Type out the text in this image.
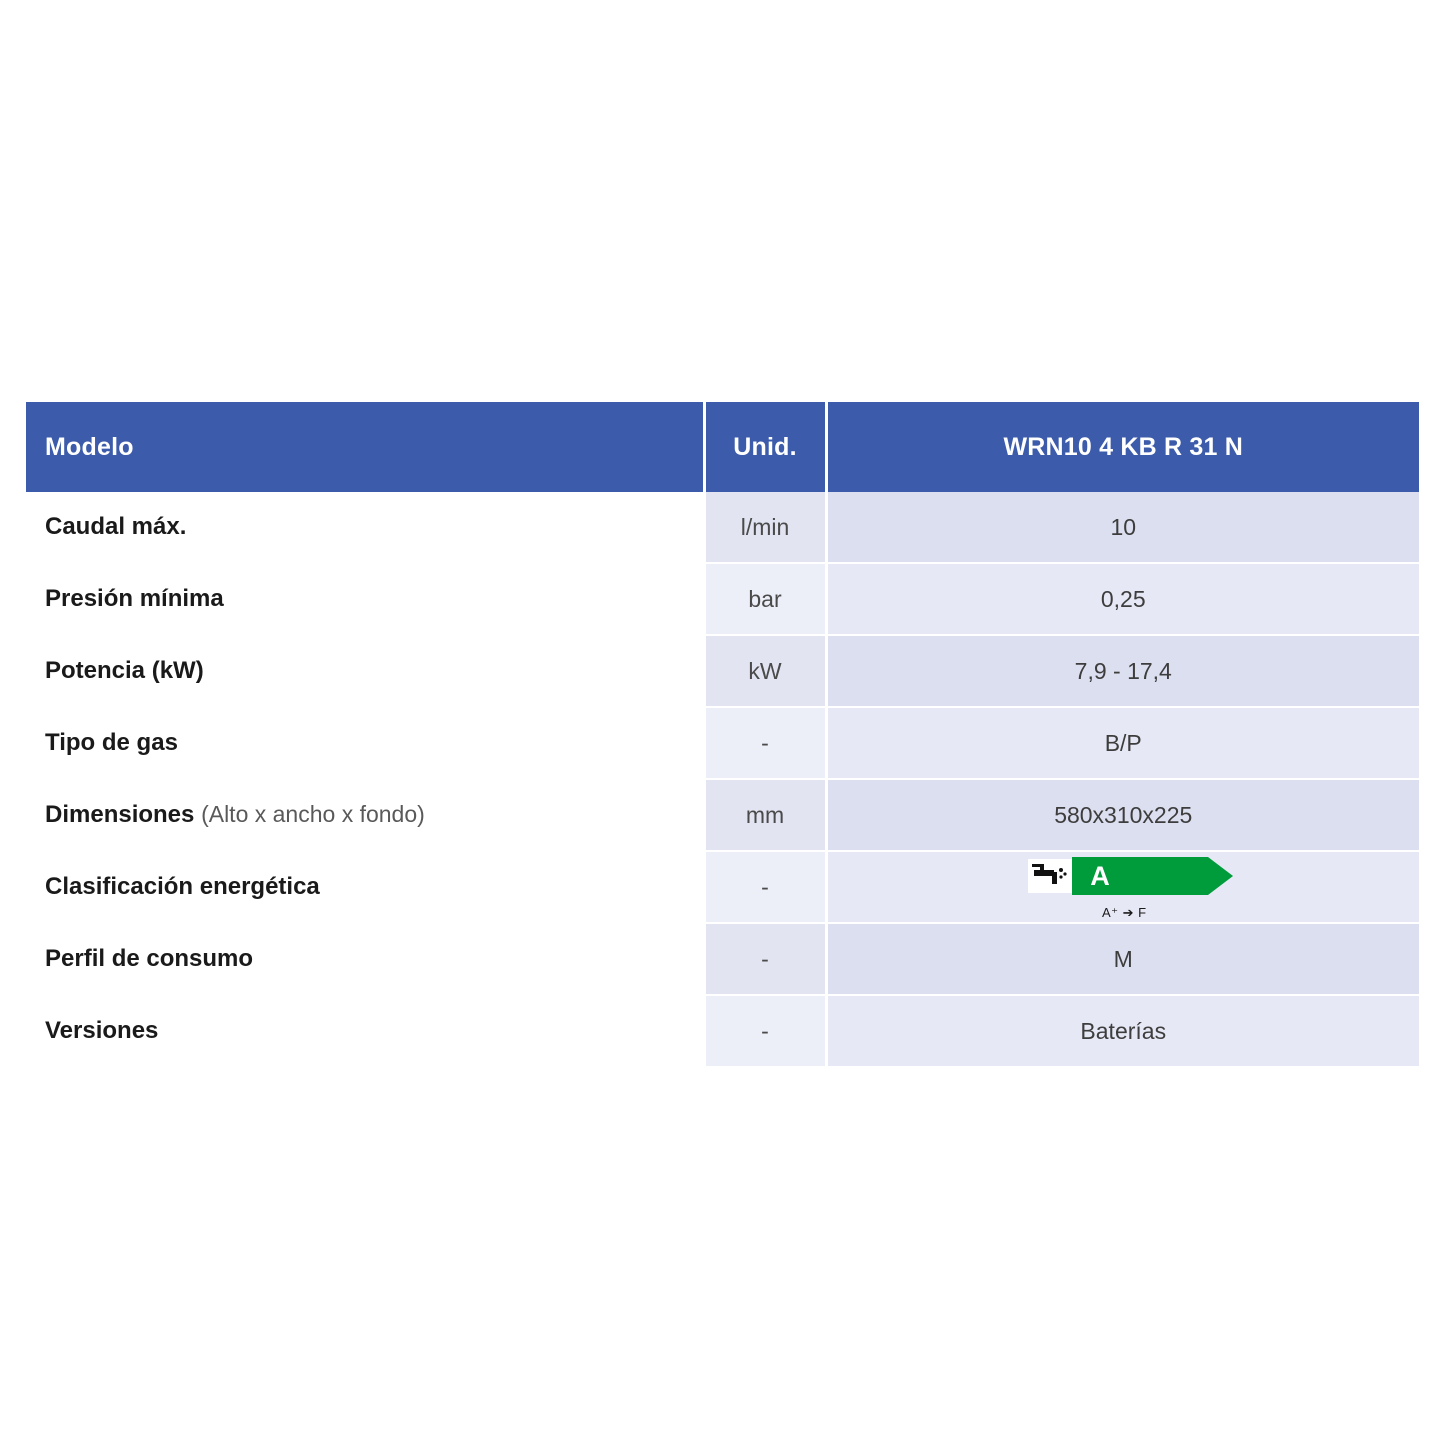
Modelo	Unid.	WRN10 4 KB R 31 N
Caudal máx.	l/min	10
Presión mínima	bar	0,25
Potencia (kW)	kW	7,9 - 17,4
Tipo de gas	-	B/P
Dimensiones (Alto x ancho x fondo)	mm	580x310x225
Clasificación energética	-	A
A⁺ ➔ F
Perfil de consumo	-	M
Versiones	-	Baterías
